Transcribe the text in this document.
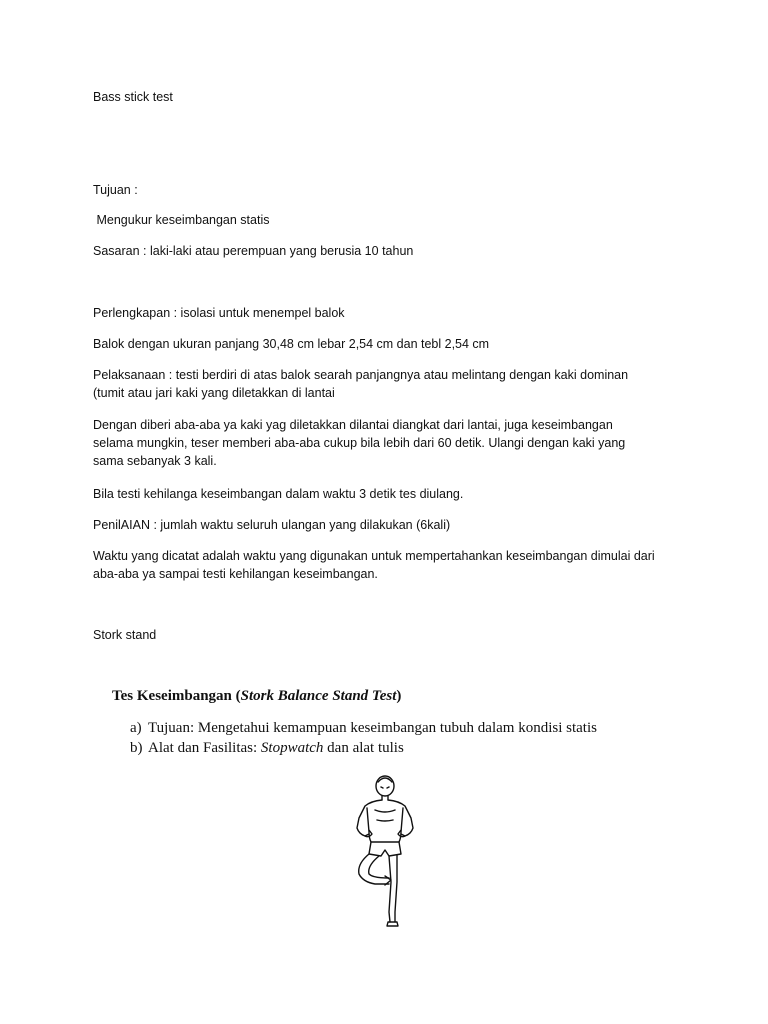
Bass stick test

Tujuan :

Mengukur keseimbangan statis

Sasaran : laki-laki atau perempuan yang berusia 10 tahun

Perlengkapan : isolasi untuk menempel balok

Balok dengan ukuran panjang 30,48 cm lebar 2,54 cm dan tebl 2,54 cm

Pelaksanaan : testi berdiri di atas balok searah panjangnya atau melintang dengan kaki dominan
(tumit atau jari kaki yang diletakkan di lantai
Dengan diberi aba-aba ya kaki yag diletakkan dilantai diangkat dari lantai, juga keseimbangan
selama mungkin, teser memberi aba-aba cukup bila lebih dari 60 detik. Ulangi dengan kaki yang
sama sebanyak 3 kali.

Bila testi kehilanga keseimbangan dalam waktu 3 detik tes diulang.

PenilAIAN : jumlah waktu seluruh ulangan yang dilakukan (6kali)

Waktu yang dicatat adalah waktu yang digunakan untuk mempertahankan keseimbangan dimulai dari
aba-aba ya sampai testi kehilangan keseimbangan.

Stork stand

Tes Keseimbangan (Stork Balance Stand Test)

a) Tujuan: Mengetahui kemampuan keseimbangan tubuh dalam kondisi statis
b) Alat dan Fasilitas: Stopwatch dan alat tulis
